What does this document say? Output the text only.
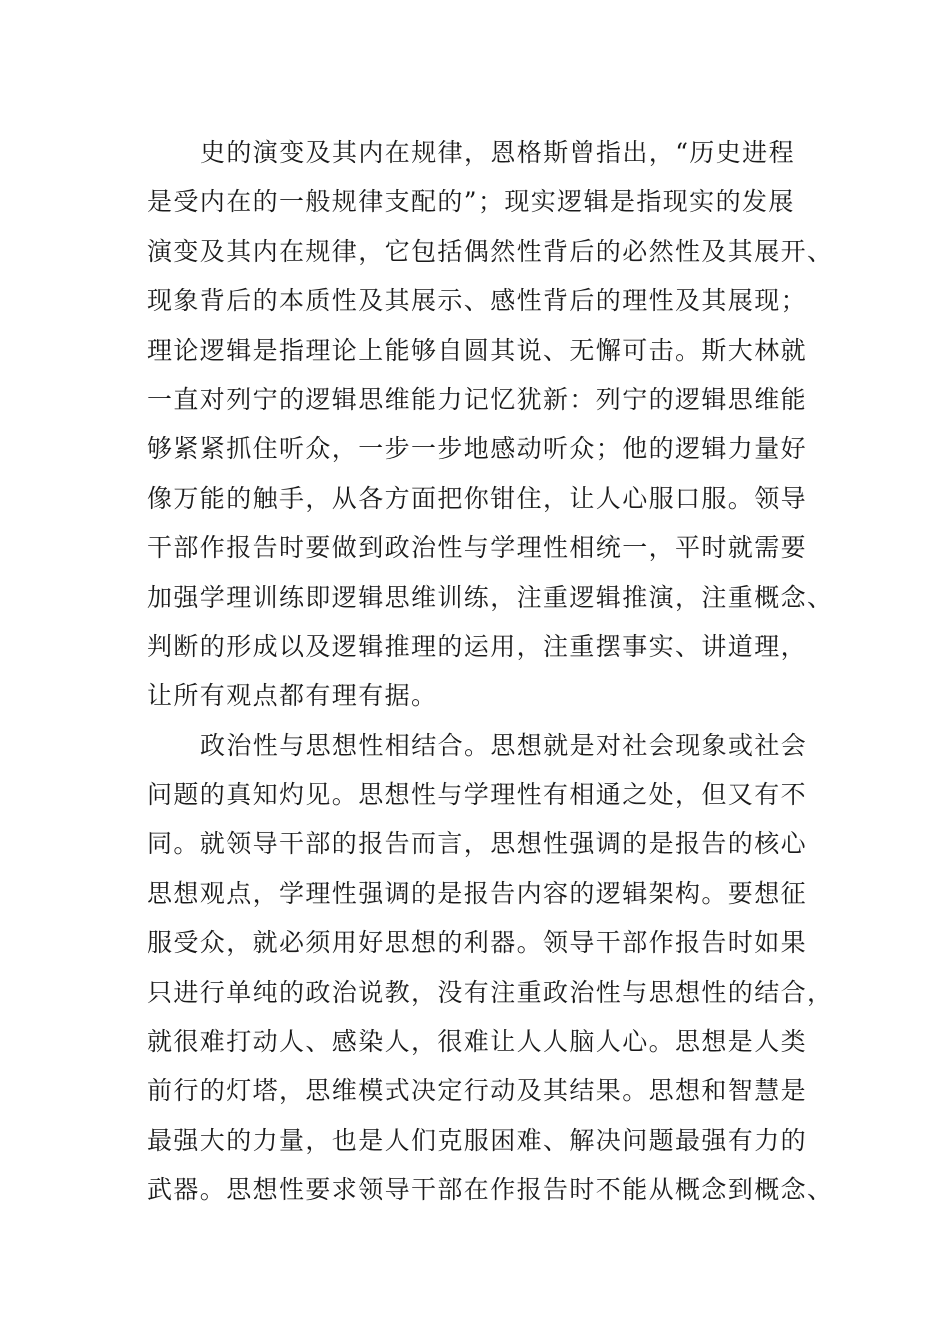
史的演变及其内在规律，恩格斯曾指出，“历史进程
是受内在的一般规律支配的”；现实逻辑是指现实的发展
演变及其内在规律，它包括偶然性背后的必然性及其展开、
现象背后的本质性及其展示、感性背后的理性及其展现；
理论逻辑是指理论上能够自圆其说、无懈可击。斯大林就
一直对列宁的逻辑思维能力记忆犹新：列宁的逻辑思维能
够紧紧抓住听众，一步一步地感动听众；他的逻辑力量好
像万能的触手，从各方面把你钳住，让人心服口服。领导
干部作报告时要做到政治性与学理性相统一，平时就需要
加强学理训练即逻辑思维训练，注重逻辑推演，注重概念、
判断的形成以及逻辑推理的运用，注重摆事实、讲道理，
让所有观点都有理有据。
政治性与思想性相结合。思想就是对社会现象或社会
问题的真知灼见。思想性与学理性有相通之处，但又有不
同。就领导干部的报告而言，思想性强调的是报告的核心
思想观点，学理性强调的是报告内容的逻辑架构。要想征
服受众，就必须用好思想的利器。领导干部作报告时如果
只进行单纯的政治说教，没有注重政治性与思想性的结合，
就很难打动人、感染人，很难让人人脑人心。思想是人类
前行的灯塔，思维模式决定行动及其结果。思想和智慧是
最强大的力量，也是人们克服困难、解决问题最强有力的
武器。思想性要求领导干部在作报告时不能从概念到概念、
